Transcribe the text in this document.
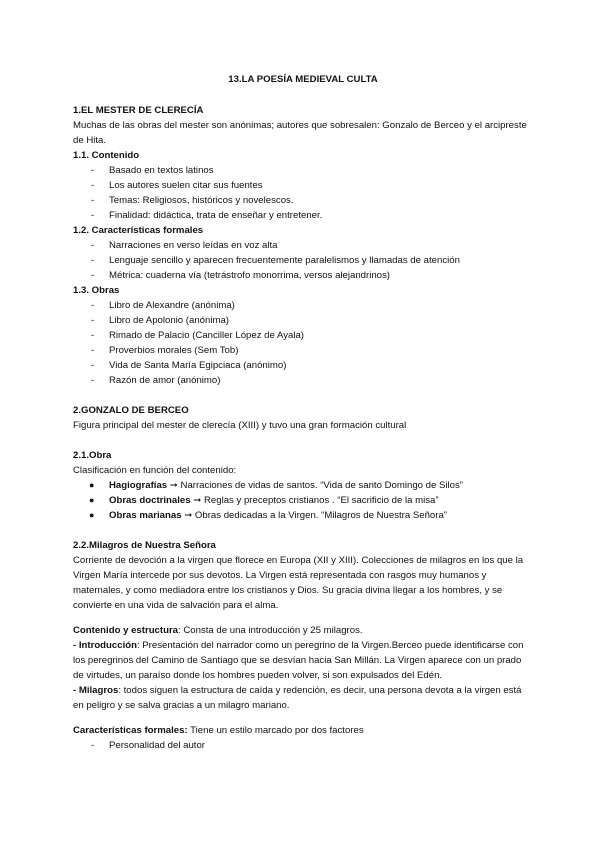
13.LA POESÍA MEDIEVAL CULTA
1.EL MESTER DE CLERECÍA

Muchas de las obras del mester son anónimas; autores que sobresalen: Gonzalo de Berceo y el arcipreste de Hita.

1.1. Contenido
- Basado en textos latinos
- Los autores suelen citar sus fuentes
- Temas: Religiosos, históricos y novelescos.
- Finalidad: didáctica, trata de enseñar y entretener.
1.2. Características formales
- Narraciones en verso leídas en voz alta
- Lenguaje sencillo y aparecen frecuentemente paralelismos y llamadas de atención
- Métrica: cuaderna vía (tetrástrofo monorrima, versos alejandrinos)
1.3. Obras
- Libro de Alexandre (anónima)
- Libro de Apolonio (anónima)
- Rimado de Palacio (Canciller López de Ayala)
- Proverbios morales (Sem Tob)
- Vida de Santa María Egipciaca (anónimo)
- Razón de amor (anónimo)
2.GONZALO DE BERCEO

Figura principal del mester de clerecía (XIII) y tuvo una gran formación cultural

2.1.Obra

Clasificación en función del contenido:

● Hagiografías ➞ Narraciones de vidas de santos. “Vida de santo Domingo de Silos”
● Obras doctrinales ➞ Reglas y preceptos cristianos . “El sacrificio de la misa”
● Obras marianas ➞ Obras dedicadas a la Virgen. “Milagros de Nuestra Señora”
2.2.Milagros de Nuestra Señora

Corriente de devoción a la virgen que florece en Europa (XII y XIII). Colecciones de milagros en los que la Virgen María intercede por sus devotos. La Virgen está representada con rasgos muy humanos y maternales, y como mediadora entre los cristianos y Dios. Su gracia divina llegar a los hombres, y se convierte en una vida de salvación para el alma.

Contenido y estructura: Consta de una introducción y 25 milagros.

- Introducción: Presentación del narrador como un peregrino de la Virgen.Berceo puede identificarse con los peregrinos del Camino de Santiago que se desvían hacia San Millán. La Virgen aparece con un prado de virtudes, un paraíso donde los hombres pueden volver, si son expulsados del Edén.

- Milagros: todos siguen la estructura de caída y redención, es decir, una persona devota a la virgen está en peligro y se salva gracias a un milagro mariano.

Características formales: Tiene un estilo marcado por dos factores

- Personalidad del autor
